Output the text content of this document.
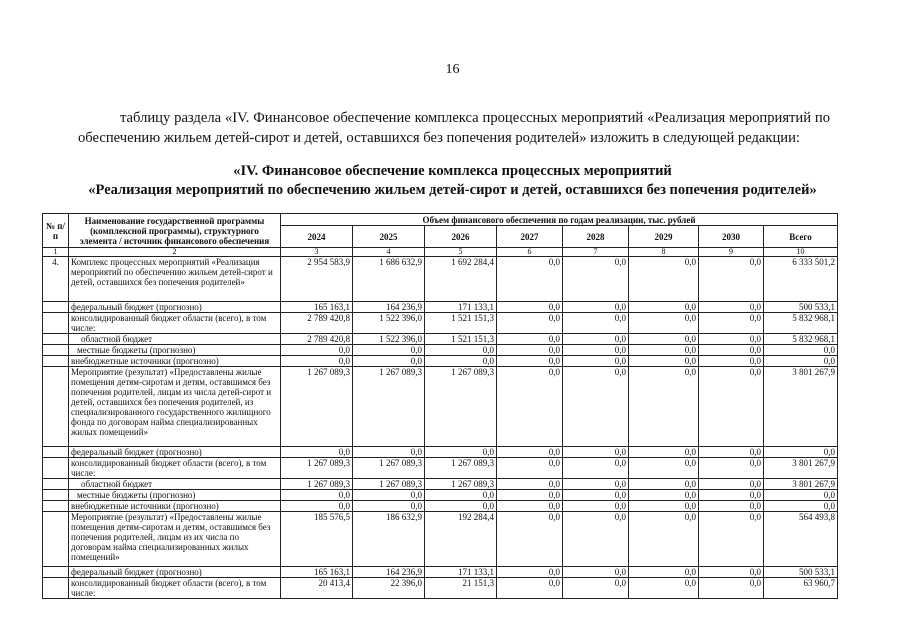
16

таблицу раздела «IV. Финансовое обеспечение комплекса процессных мероприятий «Реализация мероприятий по обеспечению жильем детей-сирот и детей, оставшихся без попечения родителей» изложить в следующей редакции:

«IV. Финансовое обеспечение комплекса процессных мероприятий
«Реализация мероприятий по обеспечению жильем детей-сирот и детей, оставшихся без попечения родителей»
№ п/п	Наименование государственной программы (комплексной программы), структурного элемента / источник финансового обеспечения	Объем финансового обеспечения по годам реализации, тыс. рублей							
		2024	2025	2026	2027	2028	2029	2030	Всего
1	2	3	4	5	6	7	8	9	10
4.	Комплекс процессных мероприятий «Реализация мероприятий по обеспечению жильем детей-сирот и детей, оставшихся без попечения родителей»	2 954 583,9	1 686 632,9	1 692 284,4	0,0	0,0	0,0	0,0	6 333 501,2
	федеральный бюджет (прогнозно)	165 163,1	164 236,9	171 133,1	0,0	0,0	0,0	0,0	500 533,1
	консолидированный бюджет области (всего), в том числе:	2 789 420,8	1 522 396,0	1 521 151,3	0,0	0,0	0,0	0,0	5 832 968,1
	областной бюджет	2 789 420,8	1 522 396,0	1 521 151,3	0,0	0,0	0,0	0,0	5 832 968,1
	местные бюджеты (прогнозно)	0,0	0,0	0,0	0,0	0,0	0,0	0,0	0,0
	внебюджетные источники (прогнозно)	0,0	0,0	0,0	0,0	0,0	0,0	0,0	0,0
	Мероприятие (результат) «Предоставлены жилые помещения детям-сиротам и детям, оставшимся без попечения родителей, лицам из числа детей-сирот и детей, оставшихся без попечения родителей, из специализированного государственного жилищного фонда по договорам найма специализированных жилых помещений»	1 267 089,3	1 267 089,3	1 267 089,3	0,0	0,0	0,0	0,0	3 801 267,9
	федеральный бюджет (прогнозно)	0,0	0,0	0,0	0,0	0,0	0,0	0,0	0,0
	консолидированный бюджет области (всего), в том числе:	1 267 089,3	1 267 089,3	1 267 089,3	0,0	0,0	0,0	0,0	3 801 267,9
	областной бюджет	1 267 089,3	1 267 089,3	1 267 089,3	0,0	0,0	0,0	0,0	3 801 267,9
	местные бюджеты (прогнозно)	0,0	0,0	0,0	0,0	0,0	0,0	0,0	0,0
	внебюджетные источники (прогнозно)	0,0	0,0	0,0	0,0	0,0	0,0	0,0	0,0
	Мероприятие (результат) «Предоставлены жилые помещения детям-сиротам и детям, оставшимся без попечения родителей, лицам из их числа по договорам найма специализированных жилых помещений»	185 576,5	186 632,9	192 284,4	0,0	0,0	0,0	0,0	564 493,8
	федеральный бюджет (прогнозно)	165 163,1	164 236,9	171 133,1	0,0	0,0	0,0	0,0	500 533,1
	консолидированный бюджет области (всего), в том числе:	20 413,4	22 396,0	21 151,3	0,0	0,0	0,0	0,0	63 960,7
